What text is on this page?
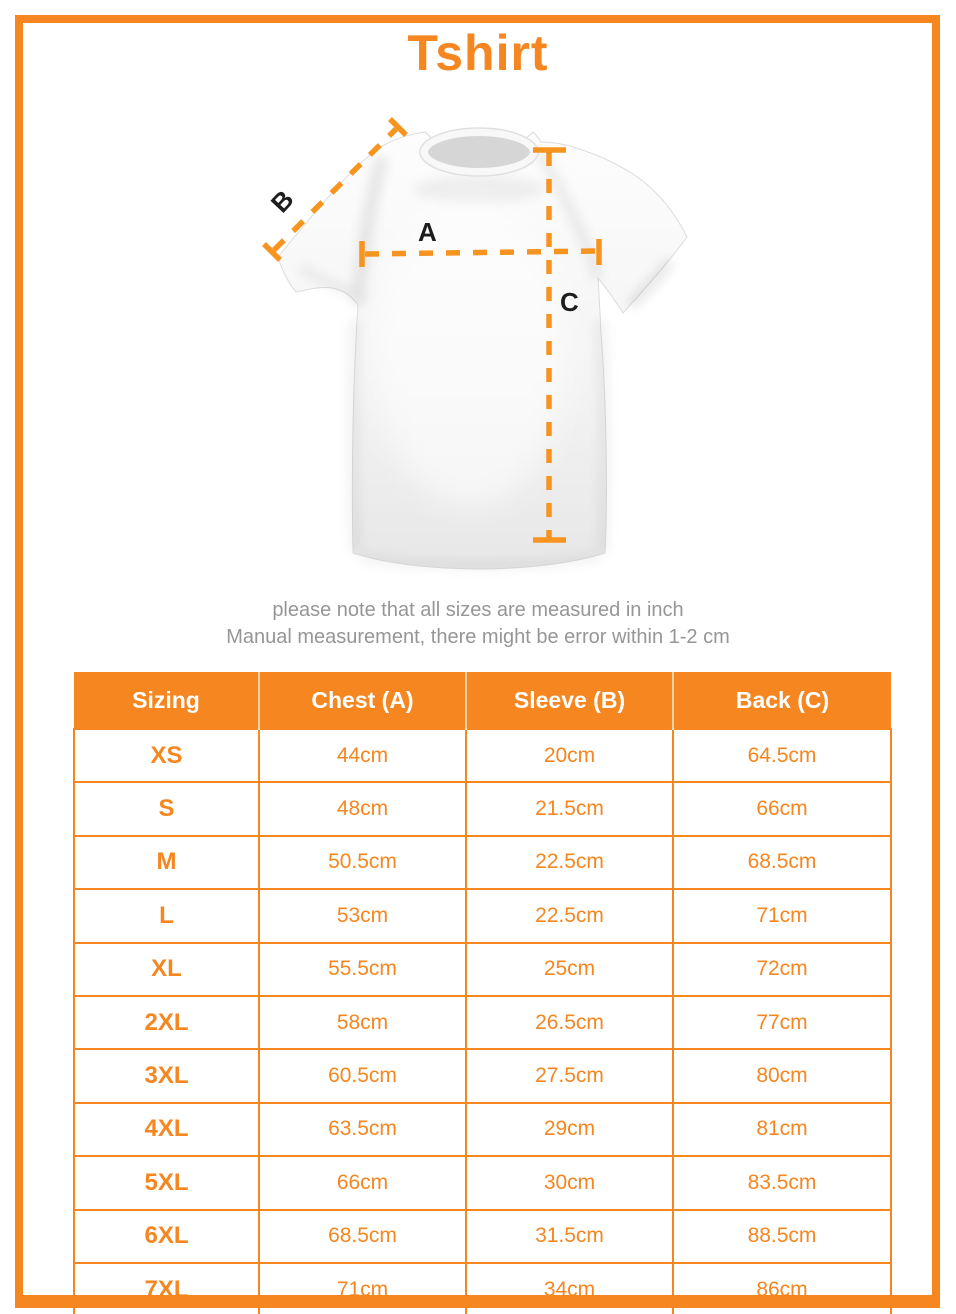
Tshirt
A
B
C

please note that all sizes are measured in inch

Manual measurement, there might be error within 1-2 cm

Sizing	Chest (A)	Sleeve (B)	Back (C)
XS	44cm	20cm	64.5cm
S	48cm	21.5cm	66cm
M	50.5cm	22.5cm	68.5cm
L	53cm	22.5cm	71cm
XL	55.5cm	25cm	72cm
2XL	58cm	26.5cm	77cm
3XL	60.5cm	27.5cm	80cm
4XL	63.5cm	29cm	81cm
5XL	66cm	30cm	83.5cm
6XL	68.5cm	31.5cm	88.5cm
7XL	71cm	34cm	86cm
